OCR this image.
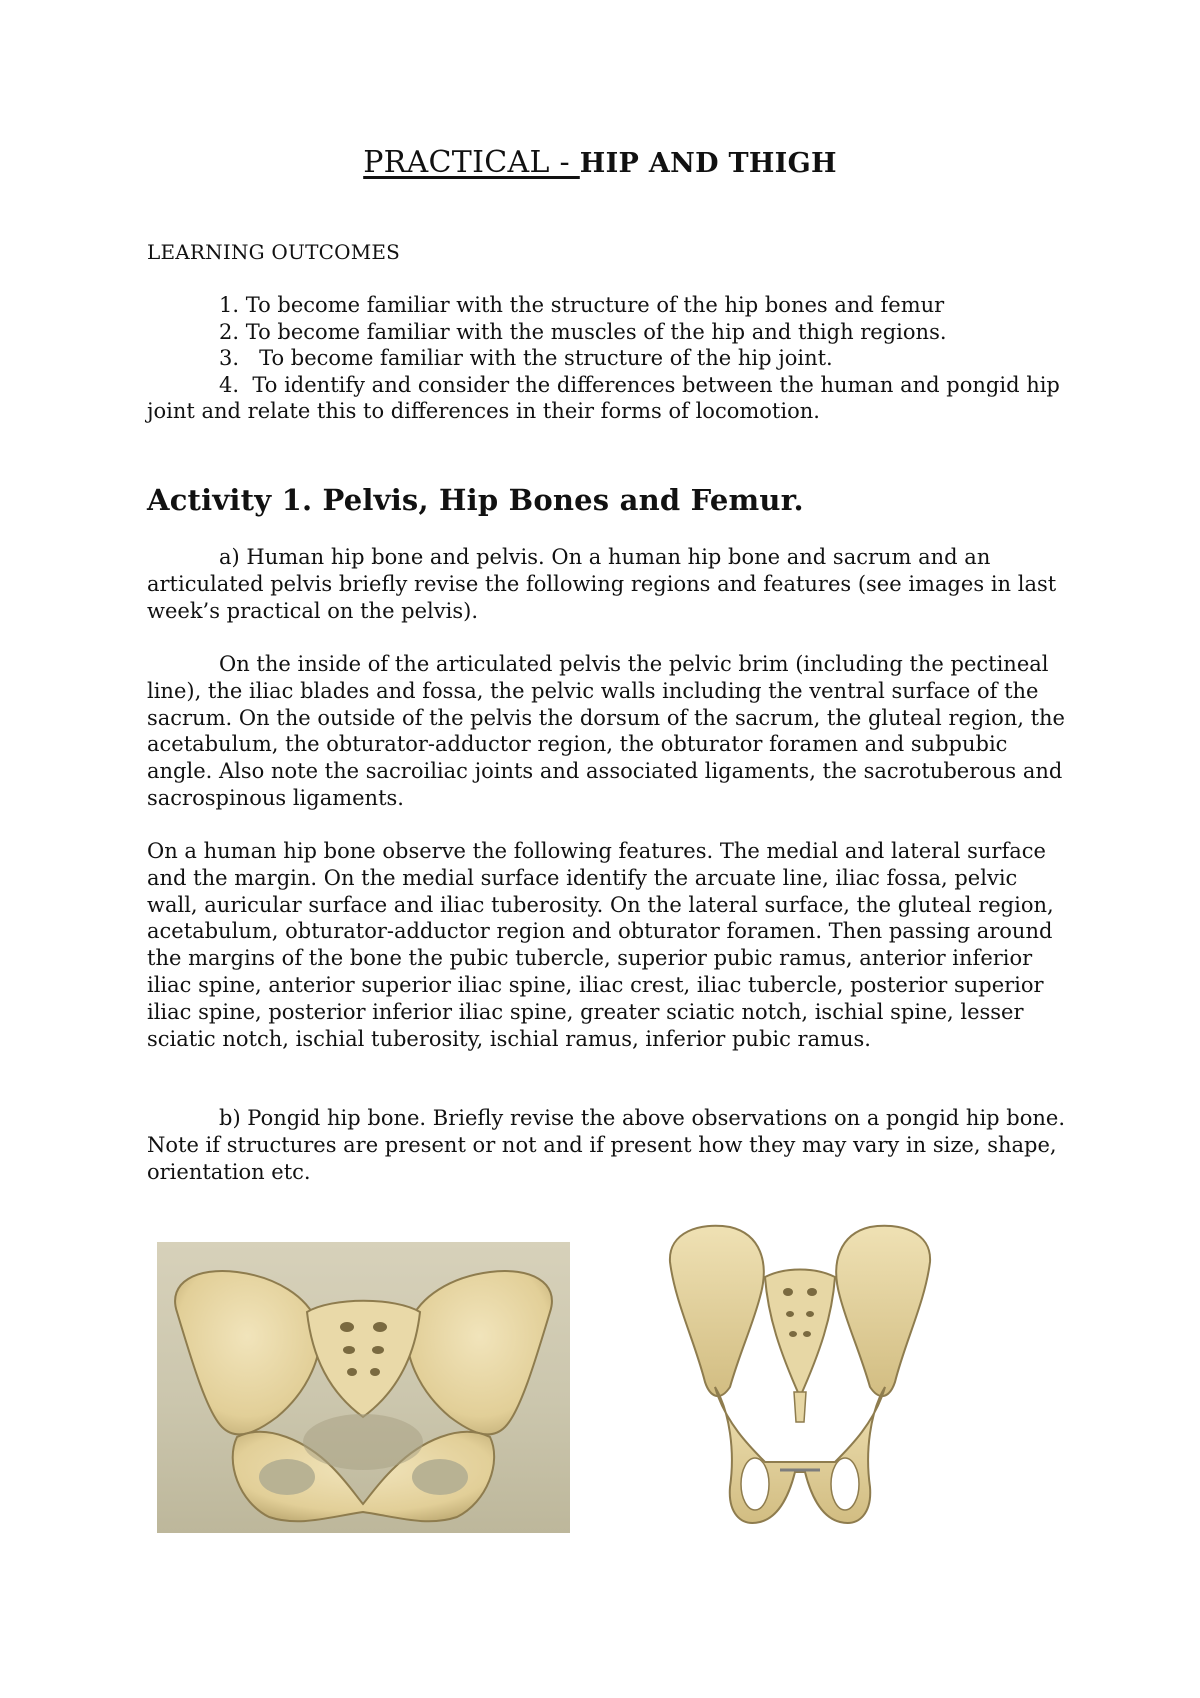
PRACTICAL - HIP AND THIGH
LEARNING OUTCOMES
1. To become familiar with the structure of the hip bones and femur
2. To become familiar with the muscles of the hip and thigh regions.
3.   To become familiar with the structure of the hip joint.
4.  To identify and consider the differences between the human and pongid hip joint and relate this to differences in their forms of locomotion.
Activity 1. Pelvis, Hip Bones and Femur.

a) Human hip bone and pelvis. On a human hip bone and sacrum and an articulated pelvis briefly revise the following regions and features (see images in last week’s practical on the pelvis).

On the inside of the articulated pelvis the pelvic brim (including the pectineal line), the iliac blades and fossa, the pelvic walls including the ventral surface of the sacrum. On the outside of the pelvis the dorsum of the sacrum, the gluteal region, the acetabulum, the obturator-adductor region, the obturator foramen and subpubic angle. Also note the sacroiliac joints and associated ligaments, the sacrotuberous and sacrospinous ligaments.

On a human hip bone observe the following features. The medial and lateral surface and the margin. On the medial surface identify the arcuate line, iliac fossa, pelvic wall, auricular surface and iliac tuberosity. On the lateral surface, the gluteal region, acetabulum, obturator-adductor region and obturator foramen. Then passing around the margins of the bone the pubic tubercle, superior pubic ramus, anterior inferior iliac spine, anterior superior iliac spine, iliac crest, iliac tubercle, posterior superior iliac spine, posterior inferior iliac spine, greater sciatic notch, ischial spine, lesser sciatic notch, ischial tuberosity, ischial ramus, inferior pubic ramus.

b) Pongid hip bone. Briefly revise the above observations on a pongid hip bone. Note if structures are present or not and if present how they may vary in size, shape, orientation etc.
